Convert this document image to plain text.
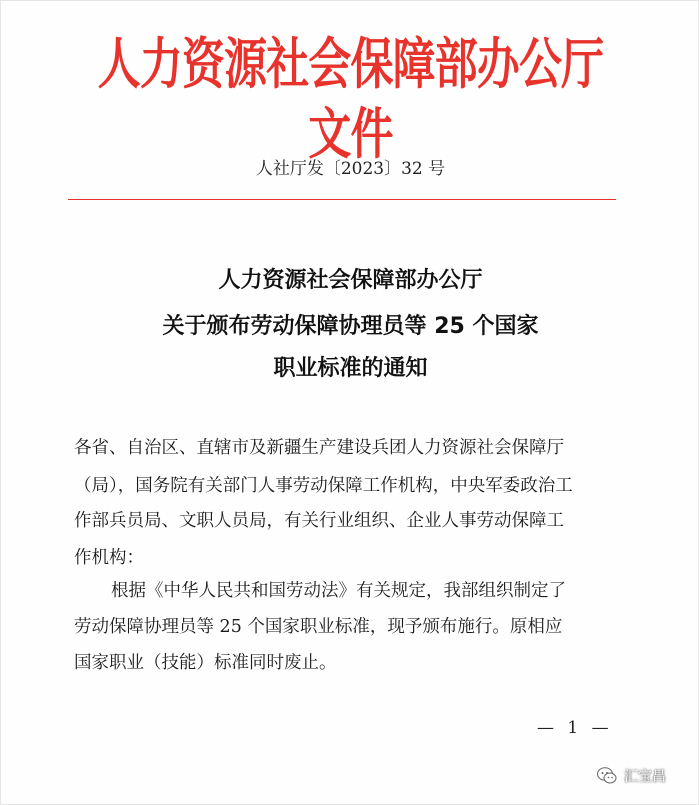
人力资源社会保障部办公厅文件
人社厅发〔2023〕32 号
人力资源社会保障部办公厅
关于颁布劳动保障协理员等 25 个国家
职业标准的通知
各省、自治区、直辖市及新疆生产建设兵团人力资源社会保障厅
（局），国务院有关部门人事劳动保障工作机构，中央军委政治工
作部兵员局、文职人员局，有关行业组织、企业人事劳动保障工
作机构：
根据《中华人民共和国劳动法》有关规定，我部组织制定了
劳动保障协理员等 25 个国家职业标准，现予颁布施行。原相应
国家职业（技能）标准同时废止。
— 1 —
汇宝昌
